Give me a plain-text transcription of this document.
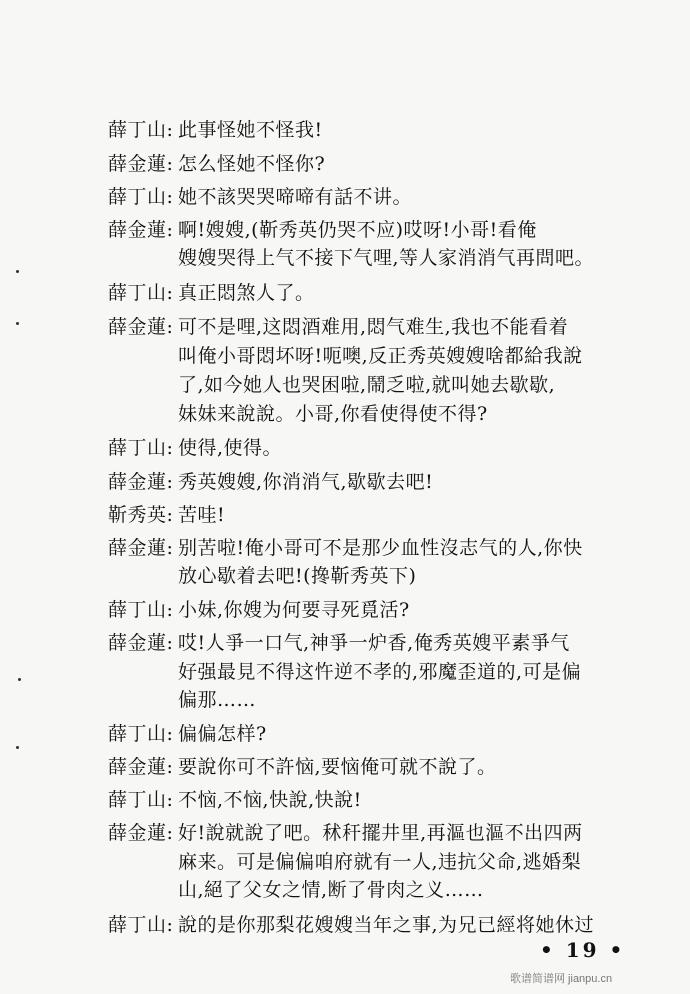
薛丁山: 此事怪她不怪我!
薛金蓮: 怎么怪她不怪你?
薛丁山: 她不該哭哭啼啼有話不讲。
薛金蓮: 啊!嫂嫂,(靳秀英仍哭不应)哎呀!小哥!看俺
嫂嫂哭得上气不接下气哩,等人家消消气再問吧。
薛丁山: 真正悶煞人了。
薛金蓮: 可不是哩,这悶酒难用,悶气难生,我也不能看着
叫俺小哥悶坏呀!呃噢,反正秀英嫂嫂啥都給我說
了,如今她人也哭困啦,鬧乏啦,就叫她去歇歇,
妹妹来說說。小哥,你看使得使不得?
薛丁山: 使得,使得。
薛金蓮: 秀英嫂嫂,你消消气,歇歇去吧!
靳秀英: 苦哇!
薛金蓮: 别苦啦!俺小哥可不是那少血性沒志气的人,你快
放心歇着去吧!(搀靳秀英下)
薛丁山: 小妹,你嫂为何要寻死覓活?
薛金蓮: 哎!人爭一口气,神爭一炉香,俺秀英嫂平素爭气
好强最見不得这忤逆不孝的,邪魔歪道的,可是偏
偏那……
薛丁山: 偏偏怎样?
薛金蓮: 要說你可不許恼,要恼俺可就不說了。
薛丁山: 不恼,不恼,快說,快說!
薛金蓮: 好!說就說了吧。秫秆擺井里,再漚也漚不出四两
麻来。可是偏偏咱府就有一人,违抗父命,逃婚梨
山,絕了父女之情,断了骨肉之义……
薛丁山: 說的是你那梨花嫂嫂当年之事,为兄已經将她休过
• 19 •
歌谱简谱网 jianpu.cn
